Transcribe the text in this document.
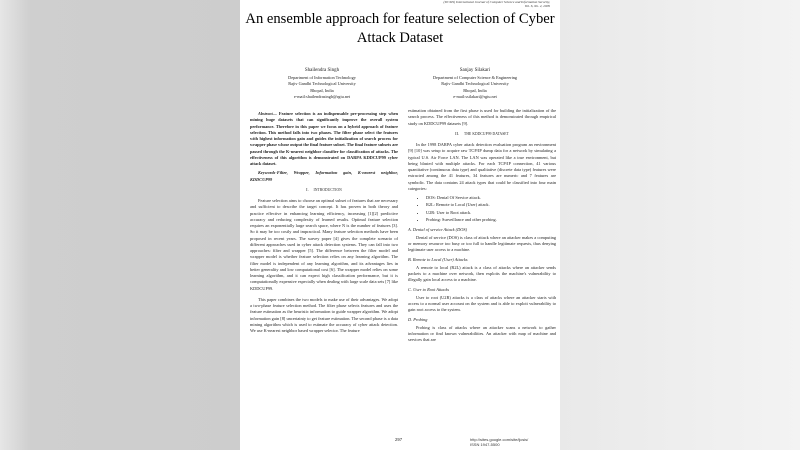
(IJCSIS) International Journal of Computer Science and Information Security,
Vol. 6, No. 2, 2009
An ensemble approach for feature selection of Cyber Attack Dataset
Shailendra Singh
Department of Information Technology
Rajiv Gandhi Technological University
Bhopal, India
e-mail:shailendrasingh@rgtu.net
Sanjay Silakari
Department of Computer Science & Engineering
Rajiv Gandhi Technological University
Bhopal, India
e-mail:ssilakari@rgtu.net

Abstract— Feature selection is an indispensable pre-processing step when mining huge datasets that can significantly improve the overall system performance. Therefore in this paper we focus on a hybrid approach of feature selection. This method falls into two phases. The filter phase select the features with highest information gain and guides the initialization of search process for wrapper phase whose output the final feature subset. The final feature subsets are passed through the K-nearest neighbor classifier for classification of attacks. The effectiveness of this algorithm is demonstrated on DARPA KDDCUP99 cyber attack dataset.

Keywords-Filter, Wrapper, Information gain, K-nearest neighbor, KDDCUP99

I. INTRODUCTION

Feature selection aims to choose an optimal subset of features that are necessary and sufficient to describe the target concept. It has proven in both theory and practice effective in enhancing learning efficiency, increasing [1][2] predictive accuracy and reducing complexity of learned results. Optimal feature selection requires an exponentially large search space, where N is the number of features [3]. So it may be too costly and impractical. Many feature selection methods have been proposed in recent years. The survey paper [4] gives the complete scenario of different approaches used in cyber attack detection systems. They can fall into two approaches: filter and wrapper [5]. The difference between the filter model and wrapper model is whether feature selection relies on any learning algorithm. The filter model is independent of any learning algorithm, and its advantages lies in better generality and low computational cost [6]. The wrapper model relies on some learning algorithm, and it can expect high classification performance, but it is computationally expensive especially when dealing with large scale data sets [7] like KDDCUP99.

This paper combines the two models to make use of their advantages. We adopt a two-phase feature selection method. The filter phase selects features and uses the feature estimation as the heuristic information to guide wrapper algorithm. We adopt information gain [8] uncertainty to get feature estimation. The second phase is a data mining algorithm which is used to estimate the accuracy of cyber attack detection. We use K-nearest neighbor based wrapper selector. The feature

estimation obtained from the first phase is used for building the initialization of the search process. The effectiveness of this method is demonstrated through empirical study on KDDCUP99 datasets [9].

II. THE KDDCUP99 DATASET

In the 1998 DARPA cyber attack detection evaluation program an environment [9] [10] was setup to acquire raw TCP/IP dump data for a network by simulating a typical U.S. Air Force LAN. The LAN was operated like a true environment, but being blasted with multiple attacks. For each TCP/IP connection, 41 various quantitative (continuous data type) and qualitative (discrete data type) features were extracted among the 41 features, 34 features are numeric and 7 features are symbolic. The data contains 24 attack types that could be classified into four main categories:

• DOS: Denial Of Service attack.
• R2L: Remote to Local (User) attack.
• U2R: User to Root attack.
• Probing: Surveillance and other probing.
A. Denial of service Attack (DOS)

Denial of service (DOS) is class of attack where an attacker makes a computing or memory resource too busy or too full to handle legitimate requests, thus denying legitimate user access to a machine.

B. Remote to Local (User) Attacks

A remote to local (R2L) attack is a class of attacks where an attacker sends packets to a machine over network, then exploits the machine's vulnerability to illegally gain local access to a machine.

C. User to Root Attacks

User to root (U2R) attacks is a class of attacks where an attacker starts with access to a normal user account on the system and is able to exploit vulnerability to gain root access to the system.

D. Probing

Probing is class of attacks where an attacker scans a network to gather information or find known vulnerabilities. An attacker with map of machine and services that are

297	http://sites.google.com/site/ijcsis/
ISSN 1947-5500
